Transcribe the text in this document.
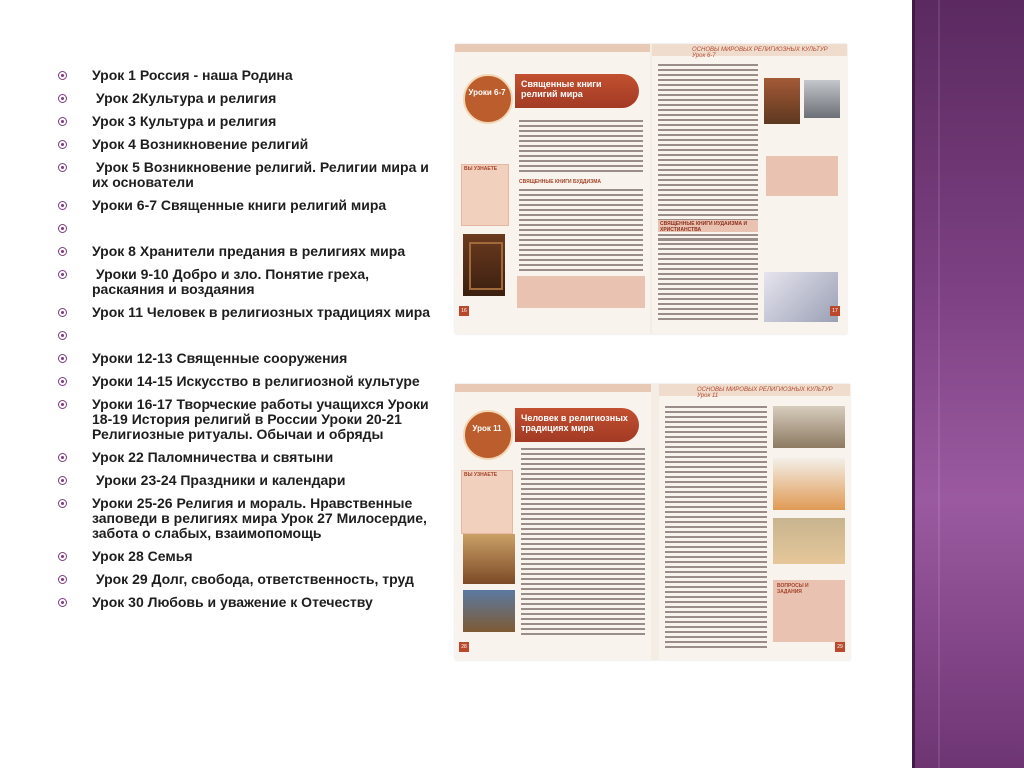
Урок 1 Россия - наша Родина
Урок 2Культура и религия
Урок 3 Культура и религия
Урок 4 Возникновение религий
Урок 5 Возникновение религий. Религии мира и их основатели
Уроки 6-7 Священные книги религий мира
Урок 8 Хранители предания в религиях мира
Уроки 9-10 Добро и зло. Понятие греха, раскаяния и воздаяния
Урок 11 Человек в религиозных традициях мира
Уроки 12-13 Священные сооружения
Уроки 14-15 Искусство в религиозной культуре
Уроки 16-17 Творческие работы учащихся Уроки 18-19 История религий в России Уроки 20-21 Религиозные ритуалы. Обычаи и обряды
Урок 22 Паломничества и святыни
Уроки 23-24 Праздники и календари
Уроки 25-26 Религия и мораль. Нравственные заповеди в религиях мира Урок 27 Милосердие, забота о слабых, взаимопомощь
Урок 28 Семья
Урок 29 Долг, свобода, ответственность, труд
Урок 30 Любовь и уважение к Отечеству
Священные книги религий мира
Уроки 6-7
ВЫ УЗНАЕТЕ
СВЯЩЕННЫЕ КНИГИ БУДДИЗМА
16
ОСНОВЫ МИРОВЫХ РЕЛИГИОЗНЫХ КУЛЬТУР Урок 6-7
СВЯЩЕННЫЕ КНИГИ ИУДАИЗМА И ХРИСТИАНСТВА
17
Человек в религиозных традициях мира
Урок 11
ВЫ УЗНАЕТЕ
28
ОСНОВЫ МИРОВЫХ РЕЛИГИОЗНЫХ КУЛЬТУР Урок 11
ВОПРОСЫ И ЗАДАНИЯ
29
